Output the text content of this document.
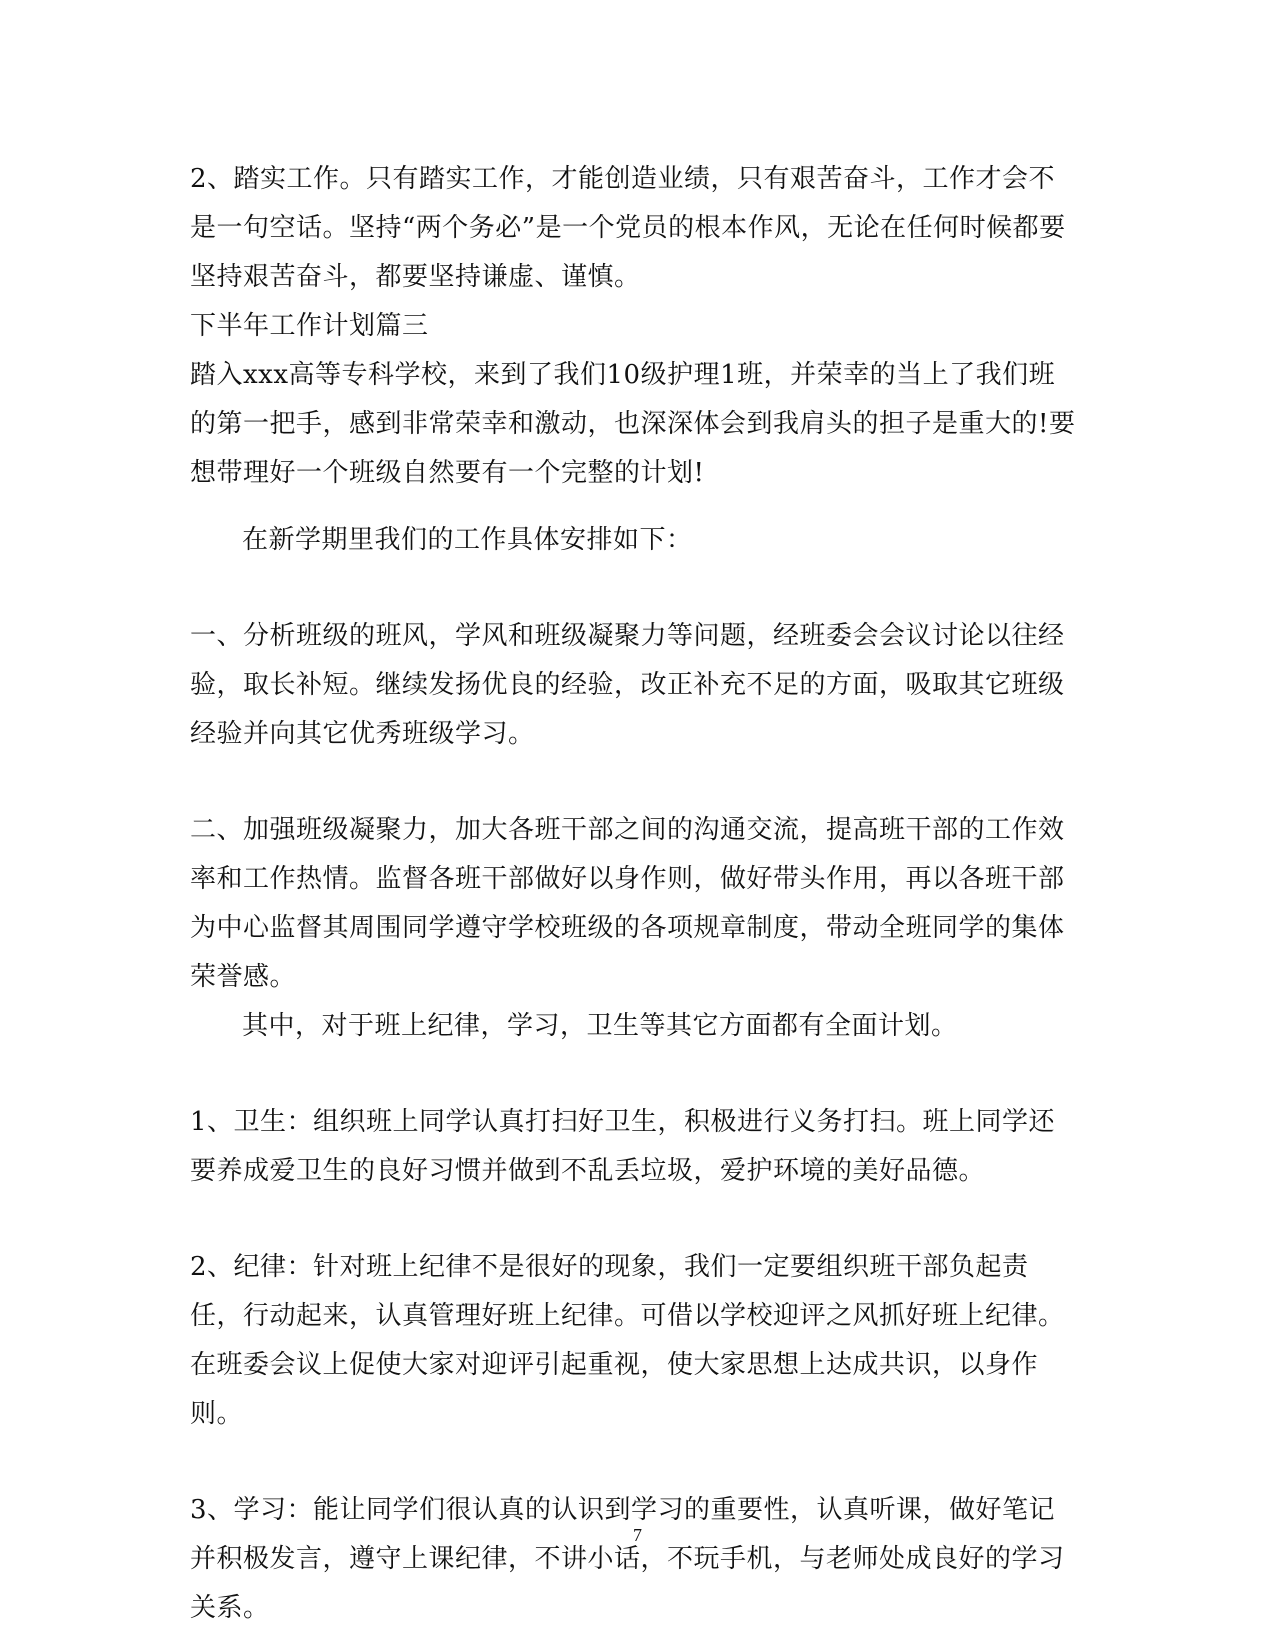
2、踏实工作。只有踏实工作，才能创造业绩，只有艰苦奋斗，工作才会不是一句空话。坚持“两个务必”是一个党员的根本作风，无论在任何时候都要坚持艰苦奋斗，都要坚持谦虚、谨慎。

下半年工作计划篇三

踏入xxx高等专科学校，来到了我们10级护理1班，并荣幸的当上了我们班的第一把手，感到非常荣幸和激动，也深深体会到我肩头的担子是重大的!要想带理好一个班级自然要有一个完整的计划!

在新学期里我们的工作具体安排如下：

一、分析班级的班风，学风和班级凝聚力等问题，经班委会会议讨论以往经验，取长补短。继续发扬优良的经验，改正补充不足的方面，吸取其它班级经验并向其它优秀班级学习。

二、加强班级凝聚力，加大各班干部之间的沟通交流，提高班干部的工作效率和工作热情。监督各班干部做好以身作则，做好带头作用，再以各班干部为中心监督其周围同学遵守学校班级的各项规章制度，带动全班同学的集体荣誉感。

其中，对于班上纪律，学习，卫生等其它方面都有全面计划。

1、卫生：组织班上同学认真打扫好卫生，积极进行义务打扫。班上同学还要养成爱卫生的良好习惯并做到不乱丢垃圾，爱护环境的美好品德。

2、纪律：针对班上纪律不是很好的现象，我们一定要组织班干部负起责任，行动起来，认真管理好班上纪律。可借以学校迎评之风抓好班上纪律。在班委会议上促使大家对迎评引起重视，使大家思想上达成共识，以身作则。

3、学习：能让同学们很认真的认识到学习的重要性，认真听课，做好笔记并积极发言，遵守上课纪律，不讲小话，不玩手机，与老师处成良好的学习关系。

7
